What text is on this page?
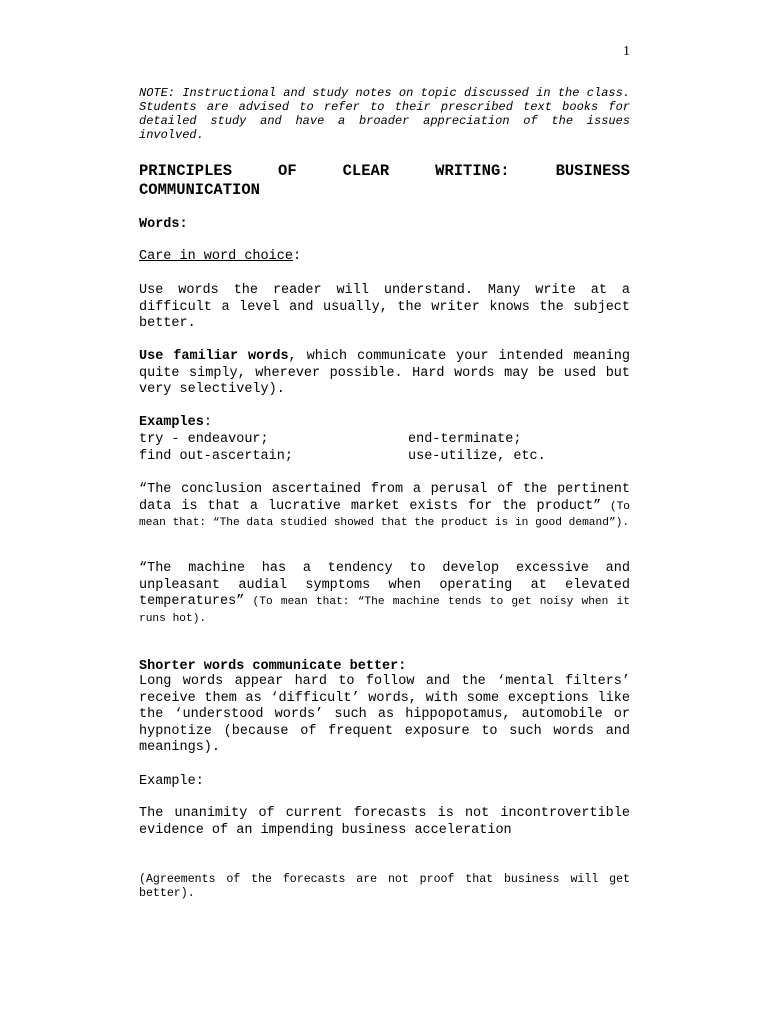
1
NOTE: Instructional and study notes on topic discussed in the class. Students are advised to refer to their prescribed text books for detailed study and have a broader appreciation of the issues involved.
PRINCIPLES	OF	CLEAR	WRITING:	BUSINESS
COMMUNICATION
Words:
Care in word choice:
Use words the reader will understand. Many write at a difficult a level and usually, the writer knows the subject better.
Use familiar words, which communicate your intended meaning quite simply, wherever possible. Hard words may be used but very selectively).
Examples:
try - endeavour;	end-terminate;
find out-ascertain;	use-utilize, etc.
“The conclusion ascertained from a perusal of the pertinent data is that a lucrative market exists for the product” (To mean that: “The data studied showed that the product is in good demand”).
“The machine has a tendency to develop excessive and unpleasant audial symptoms when operating at elevated temperatures” (To mean that: “The machine tends to get noisy when it runs hot).
Shorter words communicate better:
Long words appear hard to follow and the ‘mental filters’ receive them as ‘difficult’ words, with some exceptions like the ‘understood words’ such as hippopotamus, automobile or hypnotize (because of frequent exposure to such words and meanings).
Example:
The unanimity of current forecasts is not incontrovertible evidence of an impending business acceleration
(Agreements of the forecasts are not proof that business will get better).
